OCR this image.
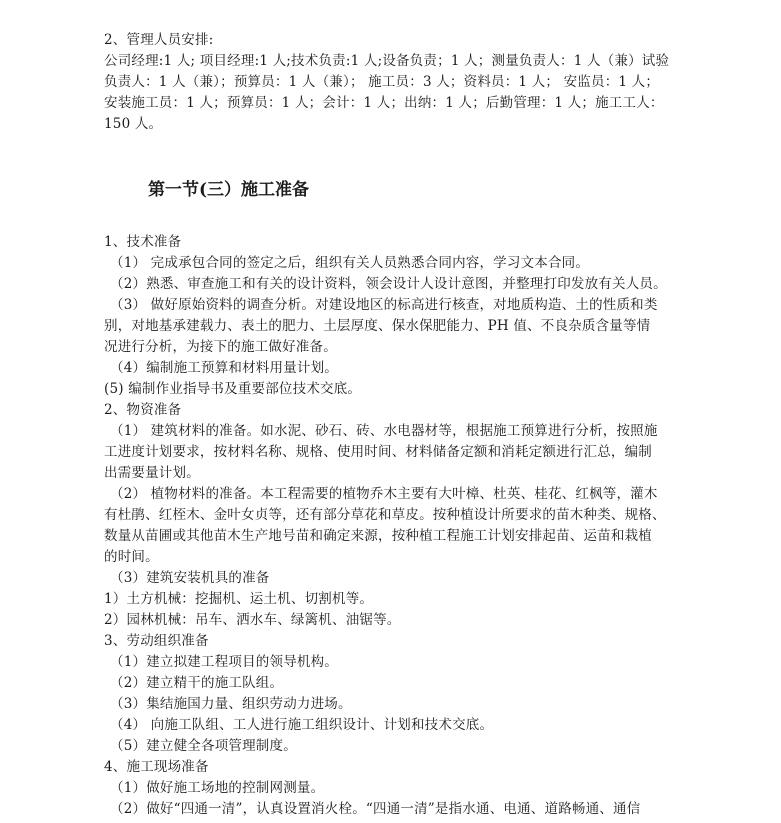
2、管理人员安排:
公司经理:1 人; 项目经理:1 人;技术负责:1 人;设备负责；1 人；测量负责人：1 人（兼）试验
负责人：1 人（兼）；预算员：1 人（兼）； 施工员：3 人；资料员：1 人； 安监员：1 人；
安装施工员：1 人；预算员：1 人；会计：1 人；出纳：1 人；后勤管理：1 人；施工工人：
150 人。
第一节(三）施工准备
1、技术准备
（1） 完成承包合同的签定之后，组织有关人员熟悉合同内容，学习文本合同。
（2）熟悉、审查施工和有关的设计资料，领会设计人设计意图，并整理打印发放有关人员。
（3） 做好原始资料的调查分析。对建设地区的标高进行核查，对地质构造、土的性质和类
别，对地基承建载力、表土的肥力、土层厚度、保水保肥能力、PH 值、不良杂质含量等情
况进行分析，为接下的施工做好准备。
（4）编制施工预算和材料用量计划。
(5) 编制作业指导书及重要部位技术交底。
2、物资准备
（1） 建筑材料的准备。如水泥、砂石、砖、水电器材等，根据施工预算进行分析，按照施
工进度计划要求，按材料名称、规格、使用时间、材料储备定额和消耗定额进行汇总，编制
出需要量计划。
（2） 植物材料的准备。本工程需要的植物乔木主要有大叶樟、杜英、桂花、红枫等，灌木
有杜鹃、红桎木、金叶女贞等，还有部分草花和草皮。按种植设计所要求的苗木种类、规格、
数量从苗圃或其他苗木生产地号苗和确定来源，按种植工程施工计划安排起苗、运苗和栽植
的时间。
（3）建筑安装机具的准备
1）土方机械：挖掘机、运土机、切割机等。
2）园林机械：吊车、洒水车、绿篱机、油锯等。
3、劳动组织准备
（1）建立拟建工程项目的领导机构。
（2）建立精干的施工队组。
（3）集结施国力量、组织劳动力进场。
（4） 向施工队组、工人进行施工组织设计、计划和技术交底。
（5）建立健全各项管理制度。
4、施工现场准备
（1）做好施工场地的控制网测量。
（2）做好“四通一清”，认真设置消火栓。“四通一清”是指水通、电通、道路畅通、通信
